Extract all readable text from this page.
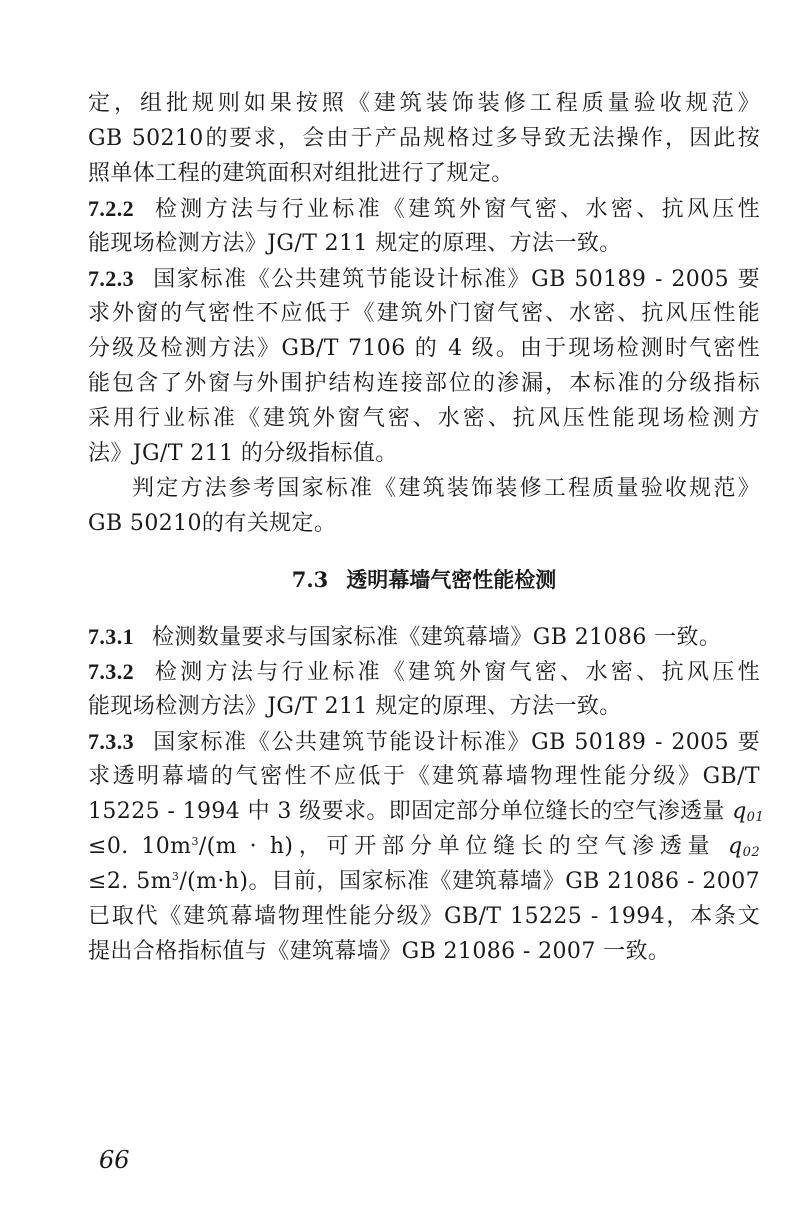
定，组批规则如果按照《建筑装饰装修工程质量验收规范》
GB 50210的要求，会由于产品规格过多导致无法操作，因此按
照单体工程的建筑面积对组批进行了规定。
7.2.2 检测方法与行业标准《建筑外窗气密、水密、抗风压性
能现场检测方法》JG/T 211 规定的原理、方法一致。
7.2.3 国家标准《公共建筑节能设计标准》GB 50189 - 2005 要
求外窗的气密性不应低于《建筑外门窗气密、水密、抗风压性能
分级及检测方法》GB/T 7106 的 4 级。由于现场检测时气密性
能包含了外窗与外围护结构连接部位的渗漏，本标准的分级指标
采用行业标准《建筑外窗气密、水密、抗风压性能现场检测方
法》JG/T 211 的分级指标值。
判定方法参考国家标准《建筑装饰装修工程质量验收规范》
GB 50210的有关规定。
7.3 透明幕墙气密性能检测
7.3.1 检测数量要求与国家标准《建筑幕墙》GB 21086 一致。
7.3.2 检测方法与行业标准《建筑外窗气密、水密、抗风压性
能现场检测方法》JG/T 211 规定的原理、方法一致。
7.3.3 国家标准《公共建筑节能设计标准》GB 50189 - 2005 要
求透明幕墙的气密性不应低于《建筑幕墙物理性能分级》GB/T
15225 - 1994 中 3 级要求。即固定部分单位缝长的空气渗透量 $q_{01}$
≤0. $10m^3/(m \cdot h)$，可开部分单位缝长的空气渗透量 $q_{02}$
≤2. $5m^3/(m\cdot h)$。目前，国家标准《建筑幕墙》GB 21086 - 2007
已取代《建筑幕墙物理性能分级》GB/T 15225 - 1994，本条文
提出合格指标值与《建筑幕墙》GB 21086 - 2007 一致。
66
